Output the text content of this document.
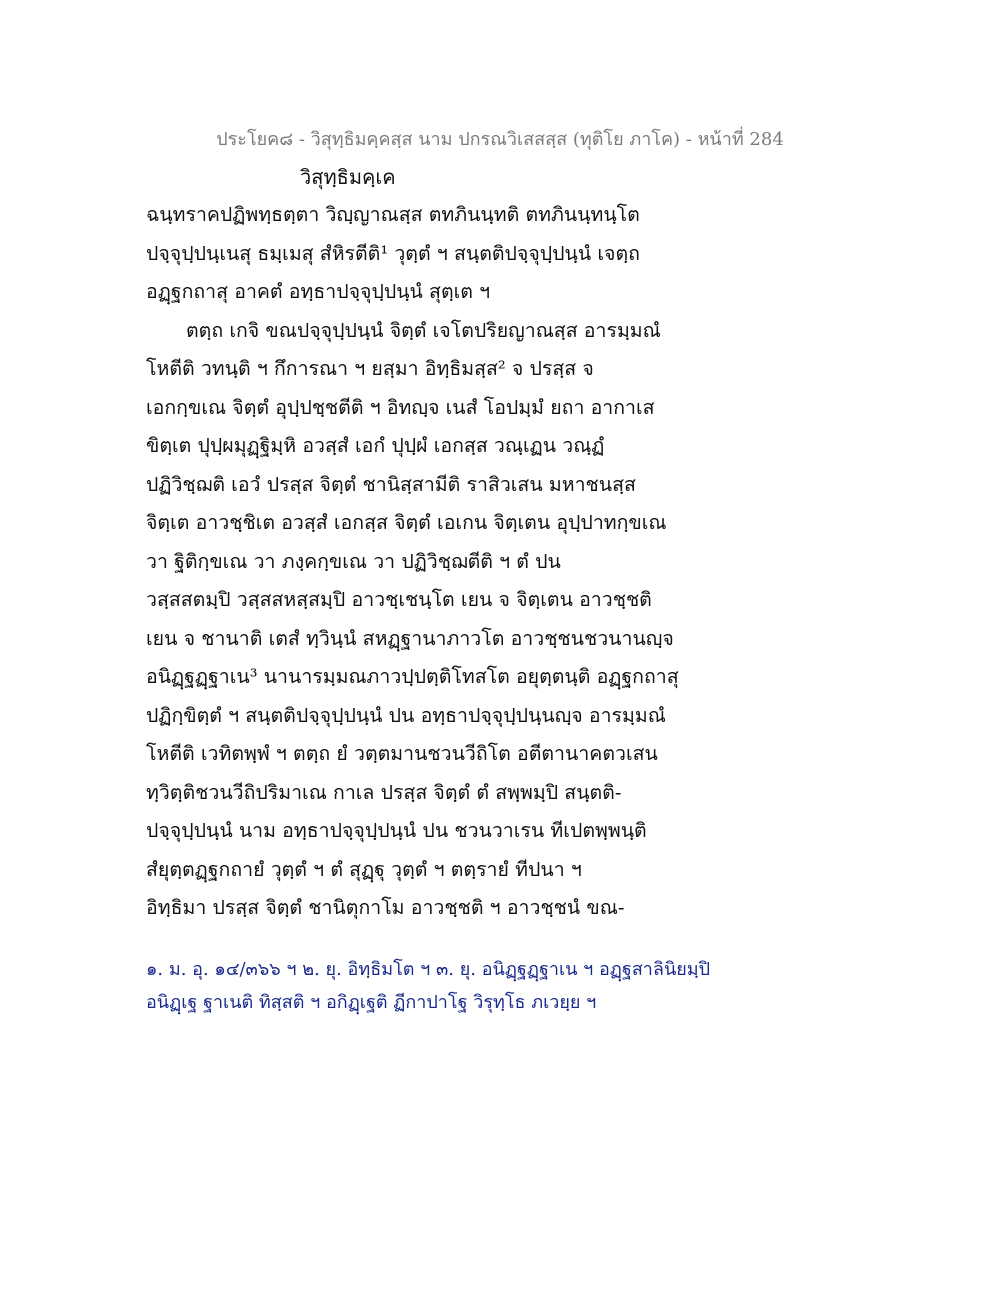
ประโยค๘ - วิสุทฺธิมคฺคสฺส นาม ปกรณวิเสสสฺส (ทุติโย ภาโค) - หน้าที่ 284
วิสุทฺธิมคฺเค
ฉนฺทราคปฏิพทฺธตฺตา วิญฺญาณสฺส ตทภินนฺทติ ตทภินนฺทนฺโต
ปจฺจุปฺปนฺเนสุ ธมฺเมสุ สํหิรตีติ¹ วุตฺตํ ฯ สนฺตติปจฺจุปฺปนฺนํ เจตฺถ
อฏฺฐกถาสุ อาคตํ อทฺธาปจฺจุปฺปนฺนํ สุตฺเต ฯ
ตตฺถ เกจิ ขณปจฺจุปฺปนฺนํ จิตฺตํ เจโตปริยญาณสฺส อารมฺมณํ
โหตีติ วทนฺติ ฯ กึการณา ฯ ยสฺมา อิทฺธิมสฺส² จ ปรสฺส จ
เอกกฺขเณ จิตฺตํ อุปฺปชฺชตีติ ฯ อิทญฺจ เนสํ โอปมฺมํ ยถา อากาเส
ขิตฺเต ปุปฺผมุฏฺฐิมฺหิ อวสฺสํ เอกํ ปุปฺผํ เอกสฺส วณฺเฏน วณฺฏํ
ปฏิวิชฺฌติ เอวํ ปรสฺส จิตฺตํ ชานิสฺสามีติ ราสิวเสน มหาชนสฺส
จิตฺเต อาวชฺชิเต อวสฺสํ เอกสฺส จิตฺตํ เอเกน จิตฺเตน อุปฺปาทกฺขเณ
วา ฐิติกฺขเณ วา ภงฺคกฺขเณ วา ปฏิวิชฺฌตีติ ฯ ตํ ปน
วสฺสสตมฺปิ วสฺสสหสฺสมฺปิ อาวชฺเชนฺโต เยน จ จิตฺเตน อาวชฺชติ
เยน จ ชานาติ เตสํ ทฺวินฺนํ สหฏฺฐานาภาวโต อาวชฺชนชวนานญฺจ
อนิฏฺฐฏฺฐาเน³ นานารมฺมณภาวปฺปตฺติโทสโต อยุตฺตนฺติ อฏฺฐกถาสุ
ปฏิกฺขิตฺตํ ฯ สนฺตติปจฺจุปฺปนฺนํ ปน อทฺธาปจฺจุปฺปนฺนญฺจ อารมฺมณํ
โหตีติ เวทิตพฺพํ ฯ ตตฺถ ยํ วตฺตมานชวนวีถิโต อตีตานาคตวเสน
ทฺวิตฺติชวนวีถิปริมาเณ กาเล ปรสฺส จิตฺตํ ตํ สพฺพมฺปิ สนฺตติ-
ปจฺจุปฺปนฺนํ นาม อทฺธาปจฺจุปฺปนฺนํ ปน ชวนวาเรน ทีเปตพฺพนฺติ
สํยุตฺตฏฺฐกถายํ วุตฺตํ ฯ ตํ สุฏฺฐุ วุตฺตํ ฯ ตตฺรายํ ทีปนา ฯ
อิทฺธิมา ปรสฺส จิตฺตํ ชานิตุกาโม อาวชฺชติ ฯ อาวชฺชนํ ขณ-
๑. ม. อุ. ๑๔/๓๖๖ ฯ ๒. ยุ. อิทฺธิมโต ฯ ๓. ยุ. อนิฏฺฐฏฺฐาเน ฯ อฏฺฐสาลินิยมฺปิ
อนิฏฺเฐ ฐาเนติ ทิสฺสติ ฯ อกิฏฺเฐติ ฏีกาปาโฐ วิรุทฺโธ ภเวยฺย ฯ
